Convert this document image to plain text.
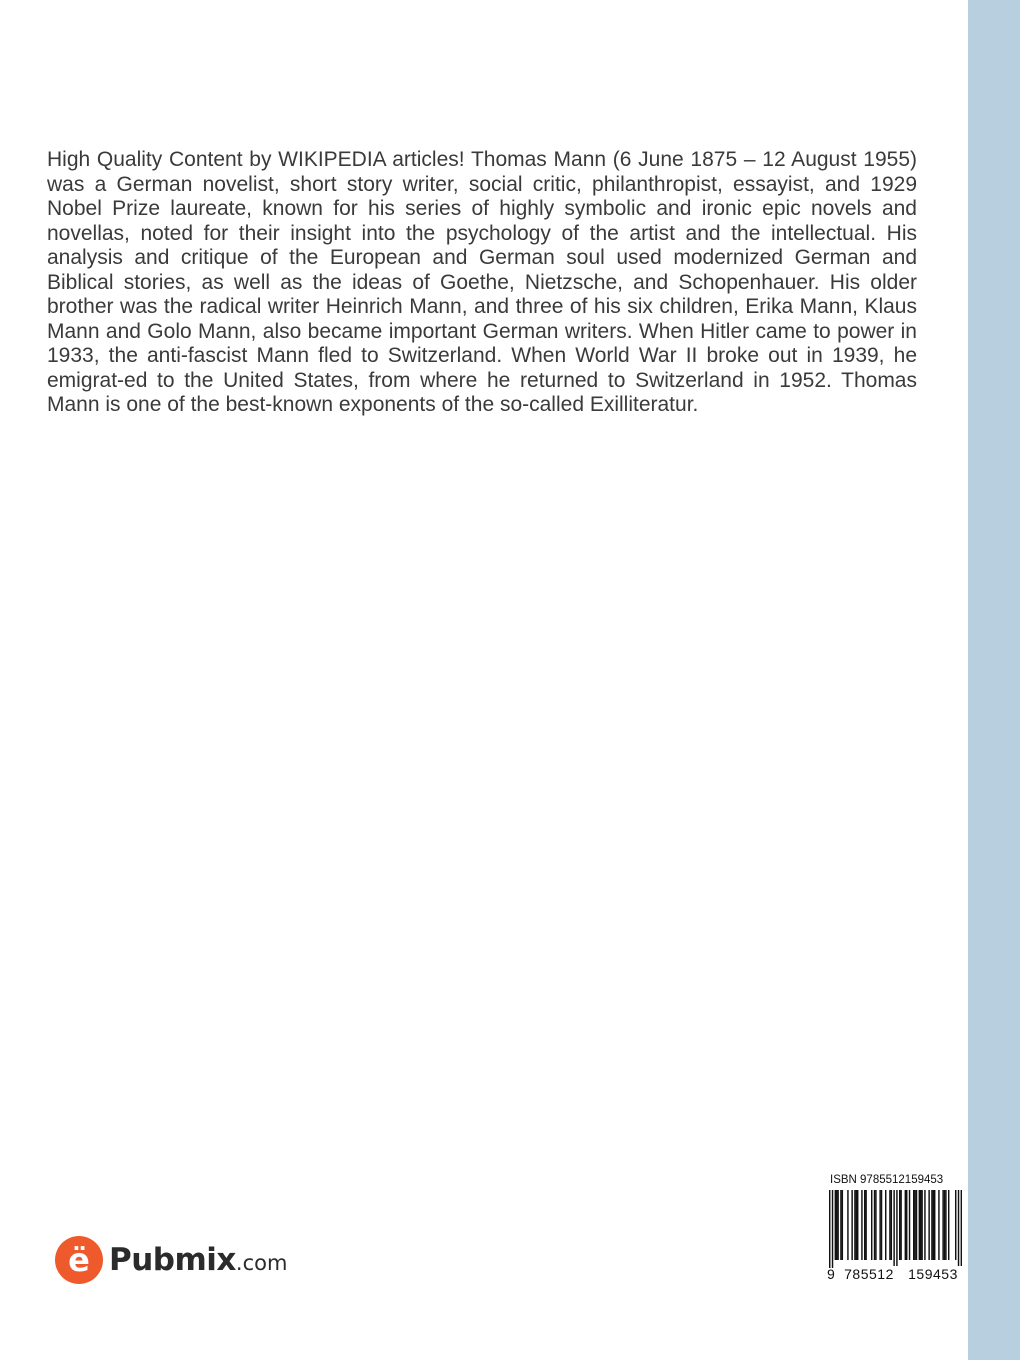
High Quality Content by WIKIPEDIA articles! Thomas Mann (6 June 1875 – 12 August 1955) was a German novelist, short story writer, social critic, philanthropist, essayist, and 1929 Nobel Prize laureate, known for his series of highly symbolic and ironic epic novels and novellas, noted for their insight into the psychology of the artist and the intellectual. His analysis and critique of the European and German soul used modernized German and Biblical stories, as well as the ideas of Goethe, Nietzsche, and Schopenhauer. His older brother was the radical writer Heinrich Mann, and three of his six children, Erika Mann, Klaus Mann and Golo Mann, also became important German writers. When Hitler came to power in 1933, the anti-fascist Mann fled to Switzerland. When World War II broke out in 1939, he emigrat-ed to the United States, from where he returned to Switzerland in 1952. Thomas Mann is one of the best-known exponents of the so-called Exilliteratur.

ë Pubmix .com
ISBN 9785512159453
9 785512	159453
